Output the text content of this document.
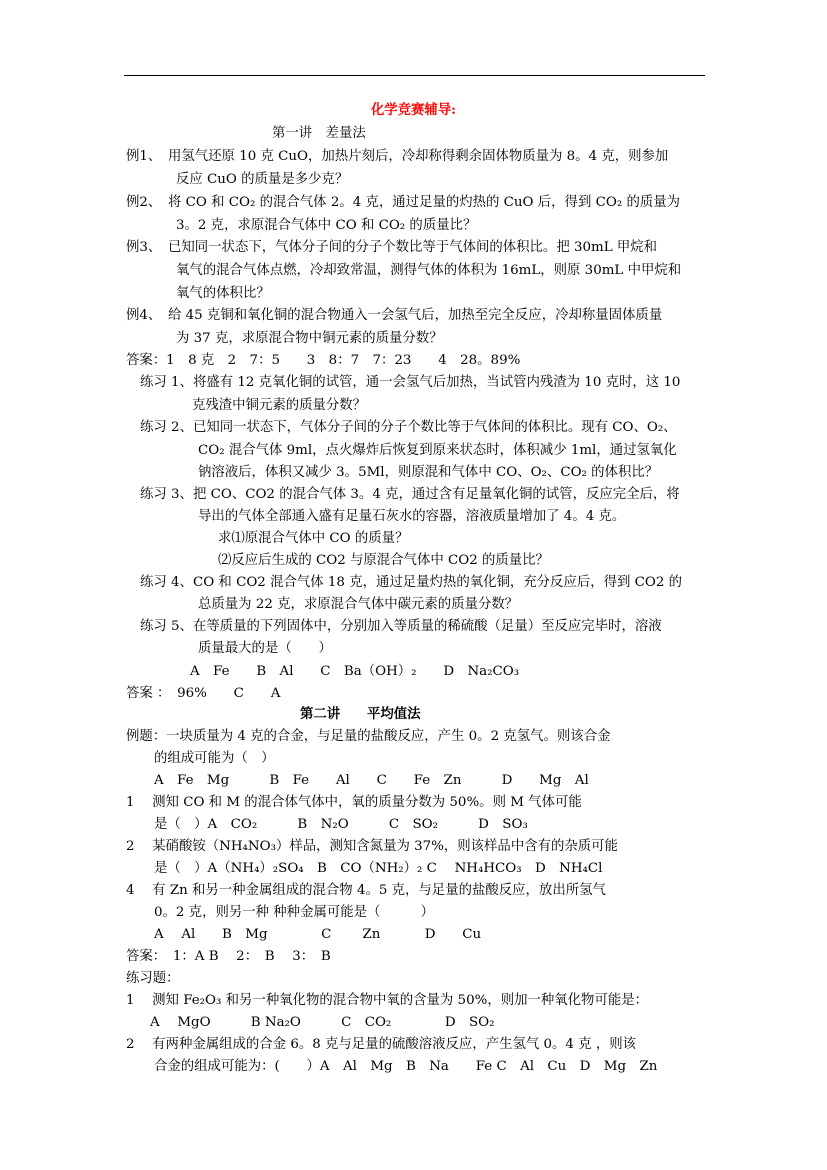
化学竞赛辅导:
第一讲　差量法
例1、　用氢气还原 10 克 CuO，加热片刻后，冷却称得剩余固体物质量为 8。4 克，则参加
反应 CuO 的质量是多少克？
例2、　将 CO 和 CO₂ 的混合气体 2。4 克，通过足量的灼热的 CuO 后，得到 CO₂ 的质量为
3。2 克，求原混合气体中 CO 和 CO₂ 的质量比？
例3、　已知同一状态下，气体分子间的分子个数比等于气体间的体积比。把 30mL 甲烷和
氧气的混合气体点燃，冷却致常温，测得气体的体积为 16mL，则原 30mL 中甲烷和
氧气的体积比？
例4、　给 45 克铜和氧化铜的混合物通入一会氢气后，加热至完全反应，冷却称量固体质量
为 37 克，求原混合物中铜元素的质量分数？
答案：1　8 克　2　7：5　　3　8：7　7：23　　4　28。89%
练习 1、将盛有 12 克氧化铜的试管，通一会氢气后加热，当试管内残渣为 10 克时，这 10
克残渣中铜元素的质量分数？
练习 2、已知同一状态下，气体分子间的分子个数比等于气体间的体积比。现有 CO、O₂、
CO₂ 混合气体 9ml，点火爆炸后恢复到原来状态时，体积减少 1ml，通过氢氧化
钠溶液后，体积又减少 3。5Ml，则原混和气体中 CO、O₂、CO₂ 的体积比？
练习 3、把 CO、CO2 的混合气体 3。4 克，通过含有足量氧化铜的试管，反应完全后，将
导出的气体全部通入盛有足量石灰水的容器，溶液质量增加了 4。4 克。
求⑴原混合气体中 CO 的质量？
⑵反应后生成的 CO2 与原混合气体中 CO2 的质量比？
练习 4、CO 和 CO2 混合气体 18 克，通过足量灼热的氧化铜，充分反应后，得到 CO2 的
总质量为 22 克，求原混合气体中碳元素的质量分数？
练习 5、在等质量的下列固体中，分别加入等质量的稀硫酸（足量）至反应完毕时，溶液
质量最大的是（　　）
A　Fe　　B　Al　　C　Ba（OH）₂　　D　Na₂CO₃
答案 ：　96%　　C　　A
第二讲　　平均值法
例题：一块质量为 4 克的合金，与足量的盐酸反应，产生 0。2 克氢气。则该合金
的组成可能为（　）
A　Fe　Mg　　　B　Fe　　Al　　C　　Fe　Zn　　　D　　Mg　Al
1　 测知 CO 和 M 的混合体气体中，氧的质量分数为 50%。则 M 气体可能
是（　）A　CO₂　　　B　N₂O　　　C　SO₂　　　D　SO₃
2　 某硝酸铵（NH₄NO₃）样品，测知含氮量为 37%，则该样品中含有的杂质可能
是（　）A（NH₄）₂SO₄　B　CO（NH₂）₂ C　 NH₄HCO₃　D　NH₄Cl
4　 有 Zn 和另一种金属组成的混合物 4。5 克，与足量的盐酸反应，放出所氢气
0。2 克，则另一种 种种金属可能是（　　　）
A　 Al　　B　Mg　　　　C　　 Zn　　　 D　　Cu
答案：　1：A B　 2：　B　 3：　B
练习题：
1　 测知 Fe₂O₃ 和另一种氧化物的混合物中氧的含量为 50%，则加一种氧化物可能是：
A　 MgO　　　B Na₂O　　　C　CO₂　　　　D　SO₂
2　 有两种金属组成的合金 6。8 克与足量的硫酸溶液反应，产生氢气 0。4 克 ，则该
合金的组成可能为：(　　）A　Al　Mg　B　Na　　Fe C　Al　Cu　D　Mg　Zn
